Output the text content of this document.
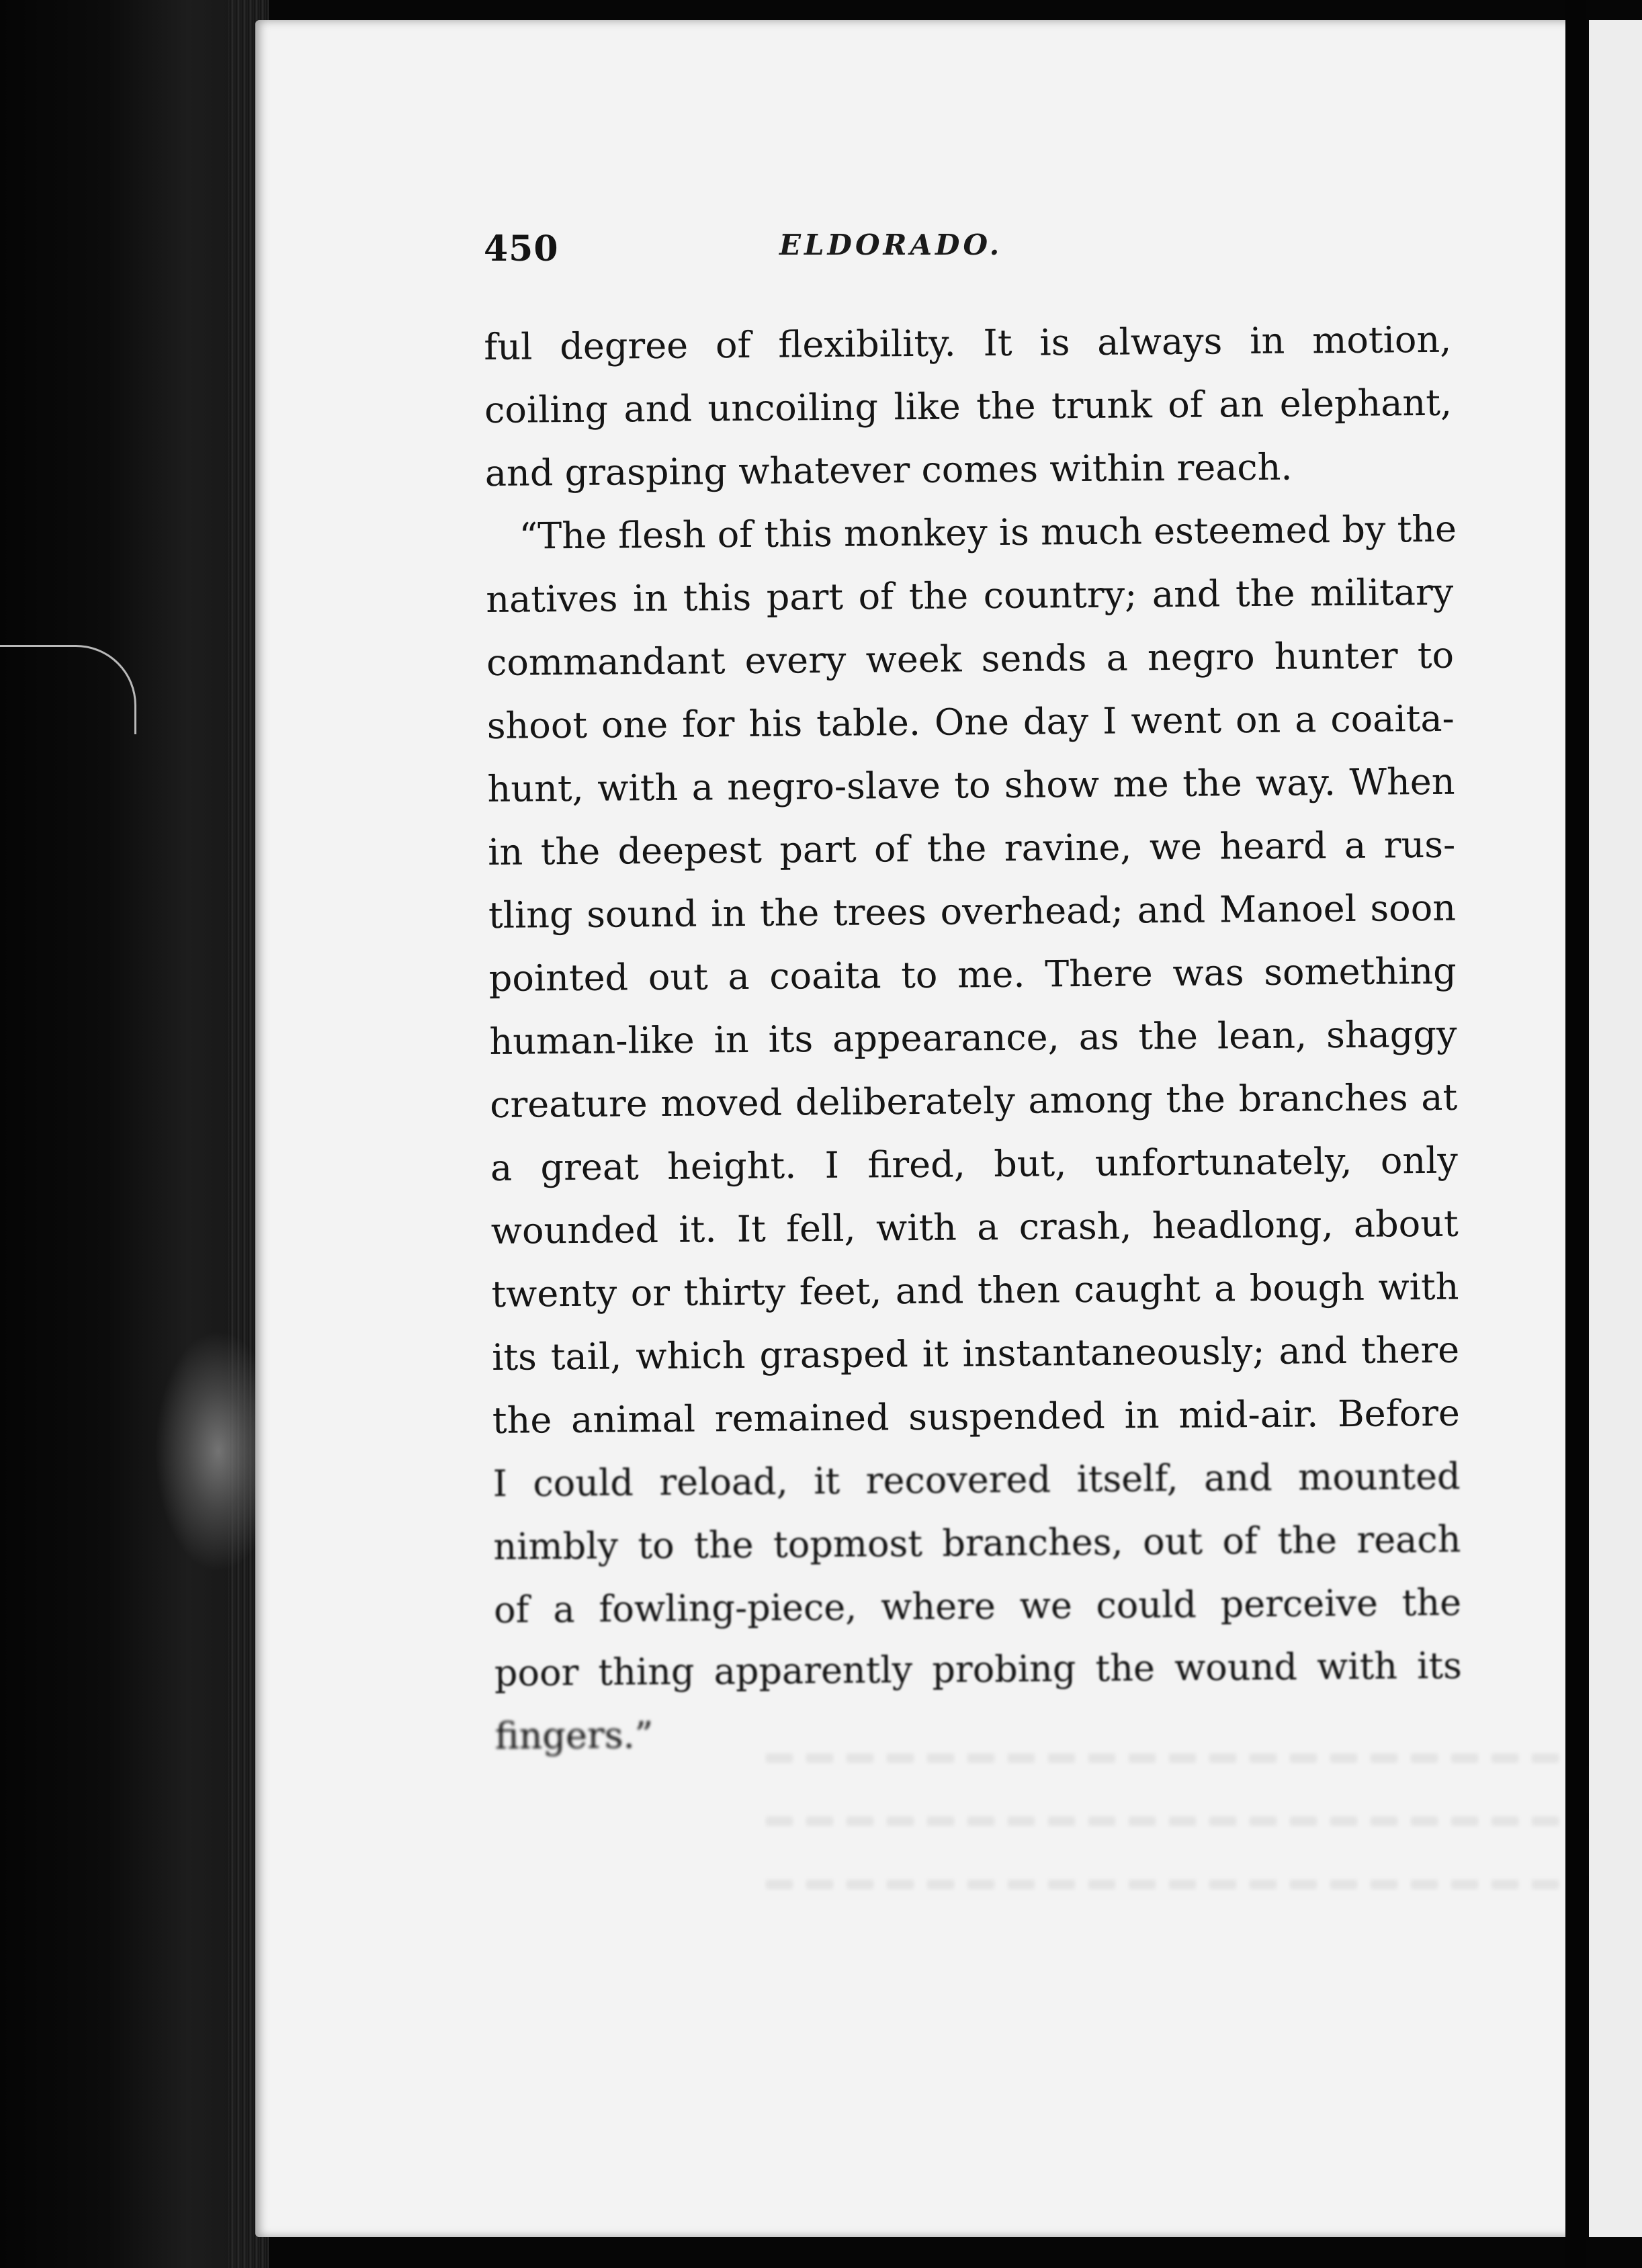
450	ELDORADO.
ful degree of flexibility. It is always in motion,
coiling and uncoiling like the trunk of an elephant,
and grasping whatever comes within reach.
“The flesh of this monkey is much esteemed by the
natives in this part of the country; and the military
commandant every week sends a negro hunter to
shoot one for his table. One day I went on a coaita-
hunt, with a negro-slave to show me the way. When
in the deepest part of the ravine, we heard a rus-
tling sound in the trees overhead; and Manoel soon
pointed out a coaita to me. There was something
human-like in its appearance, as the lean, shaggy
creature moved deliberately among the branches at
a great height. I fired, but, unfortunately, only
wounded it. It fell, with a crash, headlong, about
twenty or thirty feet, and then caught a bough with
its tail, which grasped it instantaneously; and there
the animal remained suspended in mid-air. Before
I could reload, it recovered itself, and mounted
nimbly to the topmost branches, out of the reach
of a fowling-piece, where we could perceive the
poor thing apparently probing the wound with its
fingers.”
